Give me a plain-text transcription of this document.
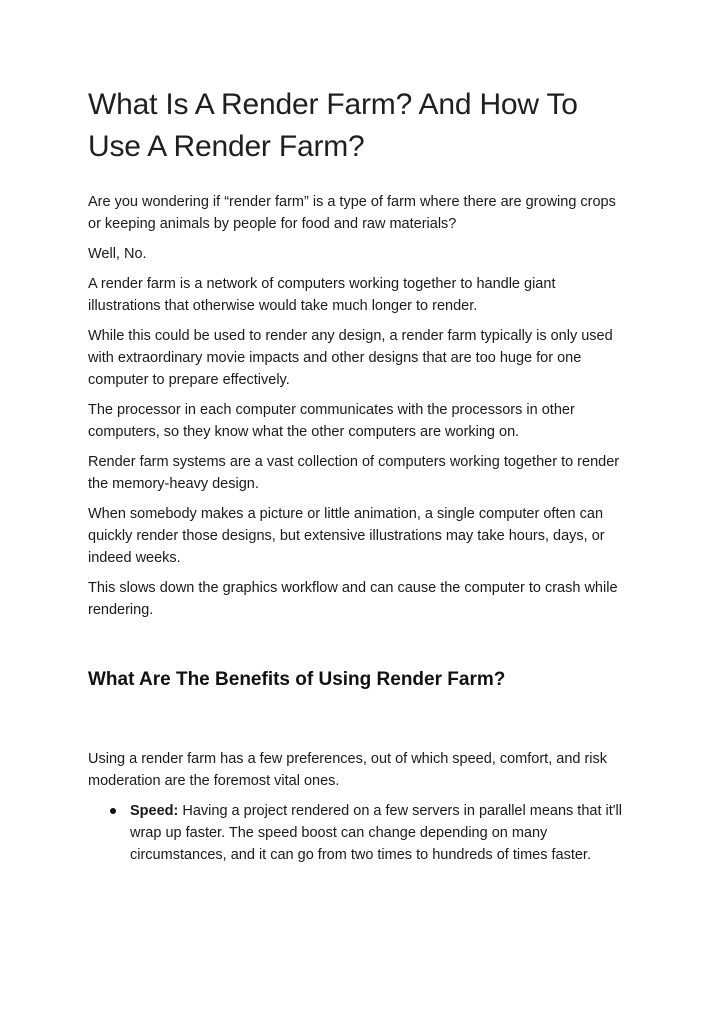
What Is A Render Farm? And How To Use A Render Farm?

Are you wondering if “render farm” is a type of farm where there are growing crops or keeping animals by people for food and raw materials?

Well, No.

A render farm is a network of computers working together to handle giant illustrations that otherwise would take much longer to render.

While this could be used to render any design, a render farm typically is only used with extraordinary movie impacts and other designs that are too huge for one computer to prepare effectively.

The processor in each computer communicates with the processors in other computers, so they know what the other computers are working on.

Render farm systems are a vast collection of computers working together to render the memory-heavy design.

When somebody makes a picture or little animation, a single computer often can quickly render those designs, but extensive illustrations may take hours, days, or indeed weeks.

This slows down the graphics workflow and can cause the computer to crash while rendering.

What Are The Benefits of Using Render Farm?

Using a render farm has a few preferences, out of which speed, comfort, and risk moderation are the foremost vital ones.

Speed: Having a project rendered on a few servers in parallel means that it'll wrap up faster. The speed boost can change depending on many circumstances, and it can go from two times to hundreds of times faster.
